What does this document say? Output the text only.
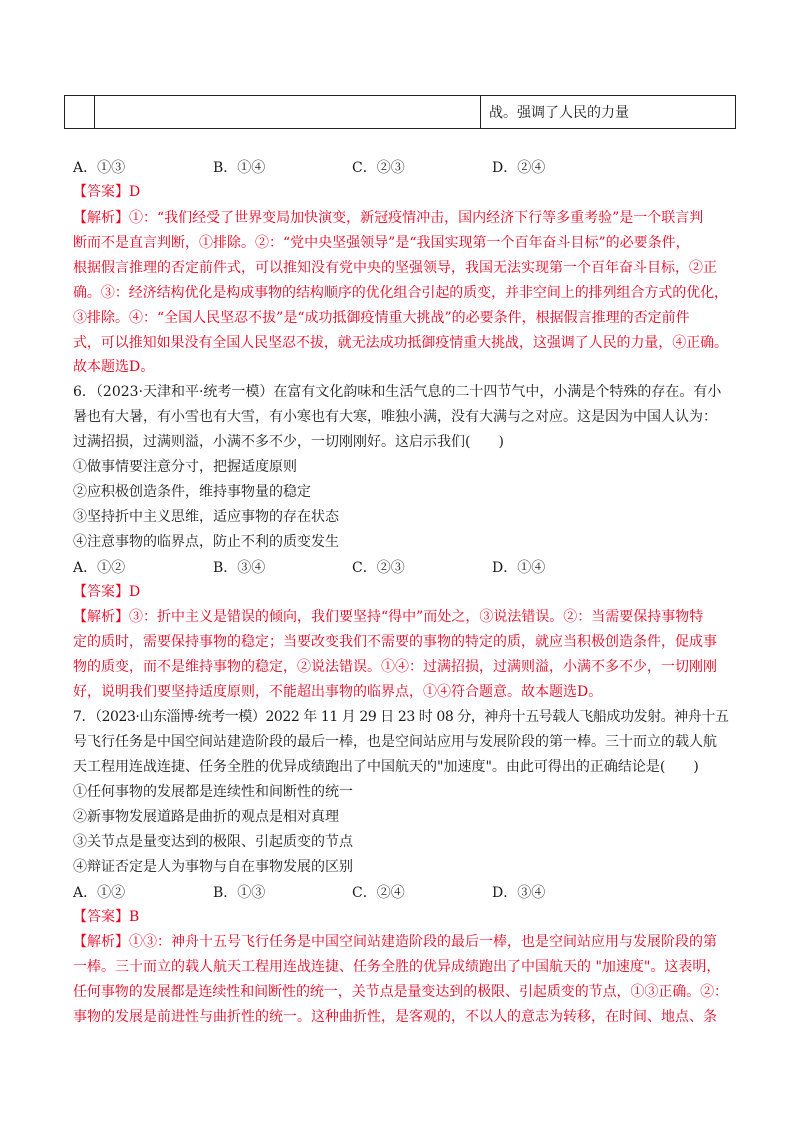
战。强调了人民的力量
A．①③	B．①④	C．②③	D．②④
【答案】D
【解析】①：“我们经受了世界变局加快演变，新冠疫情冲击，国内经济下行等多重考验”是一个联言判
断而不是直言判断，①排除。②：“党中央坚强领导”是“我国实现第一个百年奋斗目标”的必要条件，
根据假言推理的否定前件式，可以推知没有党中央的坚强领导，我国无法实现第一个百年奋斗目标，②正
确。③：经济结构优化是构成事物的结构顺序的优化组合引起的质变，并非空间上的排列组合方式的优化，
③排除。④：“全国人民坚忍不拔”是“成功抵御疫情重大挑战”的必要条件，根据假言推理的否定前件
式，可以推知如果没有全国人民坚忍不拔，就无法成功抵御疫情重大挑战，这强调了人民的力量，④正确。
故本题选D。
6．（2023·天津和平·统考一模）在富有文化韵味和生活气息的二十四节气中，小满是个特殊的存在。有小
暑也有大暑，有小雪也有大雪，有小寒也有大寒，唯独小满，没有大满与之对应。这是因为中国人认为：
过满招损，过满则溢，小满不多不少，一切刚刚好。这启示我们(　　)
①做事情要注意分寸，把握适度原则
②应积极创造条件，维持事物量的稳定
③坚持折中主义思维，适应事物的存在状态
④注意事物的临界点，防止不利的质变发生
A．①②	B．③④	C．②③	D．①④
【答案】D
【解析】③：折中主义是错误的倾向，我们要坚持“得中”而处之，③说法错误。②：当需要保持事物特
定的质时，需要保持事物的稳定；当要改变我们不需要的事物的特定的质，就应当积极创造条件，促成事
物的质变，而不是维持事物的稳定，②说法错误。①④：过满招损，过满则溢，小满不多不少，一切刚刚
好，说明我们要坚持适度原则，不能超出事物的临界点，①④符合题意。故本题选D。
7．（2023·山东淄博·统考一模）2022 年 11 月 29 日 23 时 08 分，神舟十五号载人飞船成功发射。神舟十五
号飞行任务是中国空间站建造阶段的最后一棒，也是空间站应用与发展阶段的第一棒。三十而立的载人航
天工程用连战连捷、任务全胜的优异成绩跑出了中国航天的"加速度"。由此可得出的正确结论是(　　)
①任何事物的发展都是连续性和间断性的统一
②新事物发展道路是曲折的观点是相对真理
③关节点是量变达到的极限、引起质变的节点
④辩证否定是人为事物与自在事物发展的区别
A．①②	B．①③	C．②④	D．③④
【答案】B
【解析】①③：神舟十五号飞行任务是中国空间站建造阶段的最后一棒，也是空间站应用与发展阶段的第
一棒。三十而立的载人航天工程用连战连捷、任务全胜的优异成绩跑出了中国航天的 "加速度"。这表明，
任何事物的发展都是连续性和间断性的统一，关节点是量变达到的极限、引起质变的节点，①③正确。②：
事物的发展是前进性与曲折性的统一。这种曲折性，是客观的，不以人的意志为转移，在时间、地点、条
